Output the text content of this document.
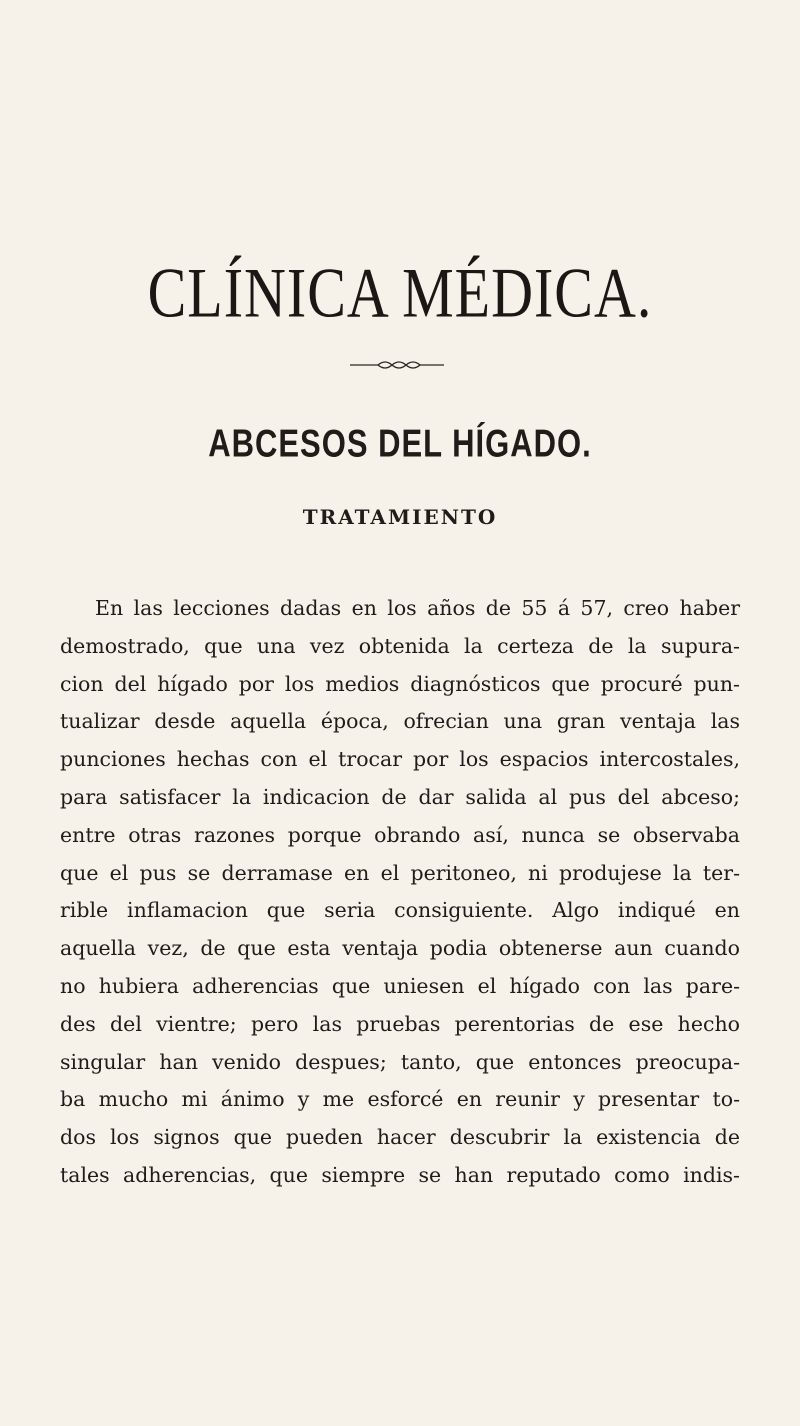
CLÍNICA MÉDICA.
ABCESOS DEL HÍGADO.
TRATAMIENTO
En las lecciones dadas en los años de 55 á 57, creo haber
demostrado, que una vez obtenida la certeza de la supura-
cion del hígado por los medios diagnósticos que procuré pun-
tualizar desde aquella época, ofrecian una gran ventaja las
punciones hechas con el trocar por los espacios intercostales,
para satisfacer la indicacion de dar salida al pus del abceso;
entre otras razones porque obrando así, nunca se observaba
que el pus se derramase en el peritoneo, ni produjese la ter-
rible inflamacion que seria consiguiente. Algo indiqué en
aquella vez, de que esta ventaja podia obtenerse aun cuando
no hubiera adherencias que uniesen el hígado con las pare-
des del vientre; pero las pruebas perentorias de ese hecho
singular han venido despues; tanto, que entonces preocupa-
ba mucho mi ánimo y me esforcé en reunir y presentar to-
dos los signos que pueden hacer descubrir la existencia de
tales adherencias, que siempre se han reputado como indis-
